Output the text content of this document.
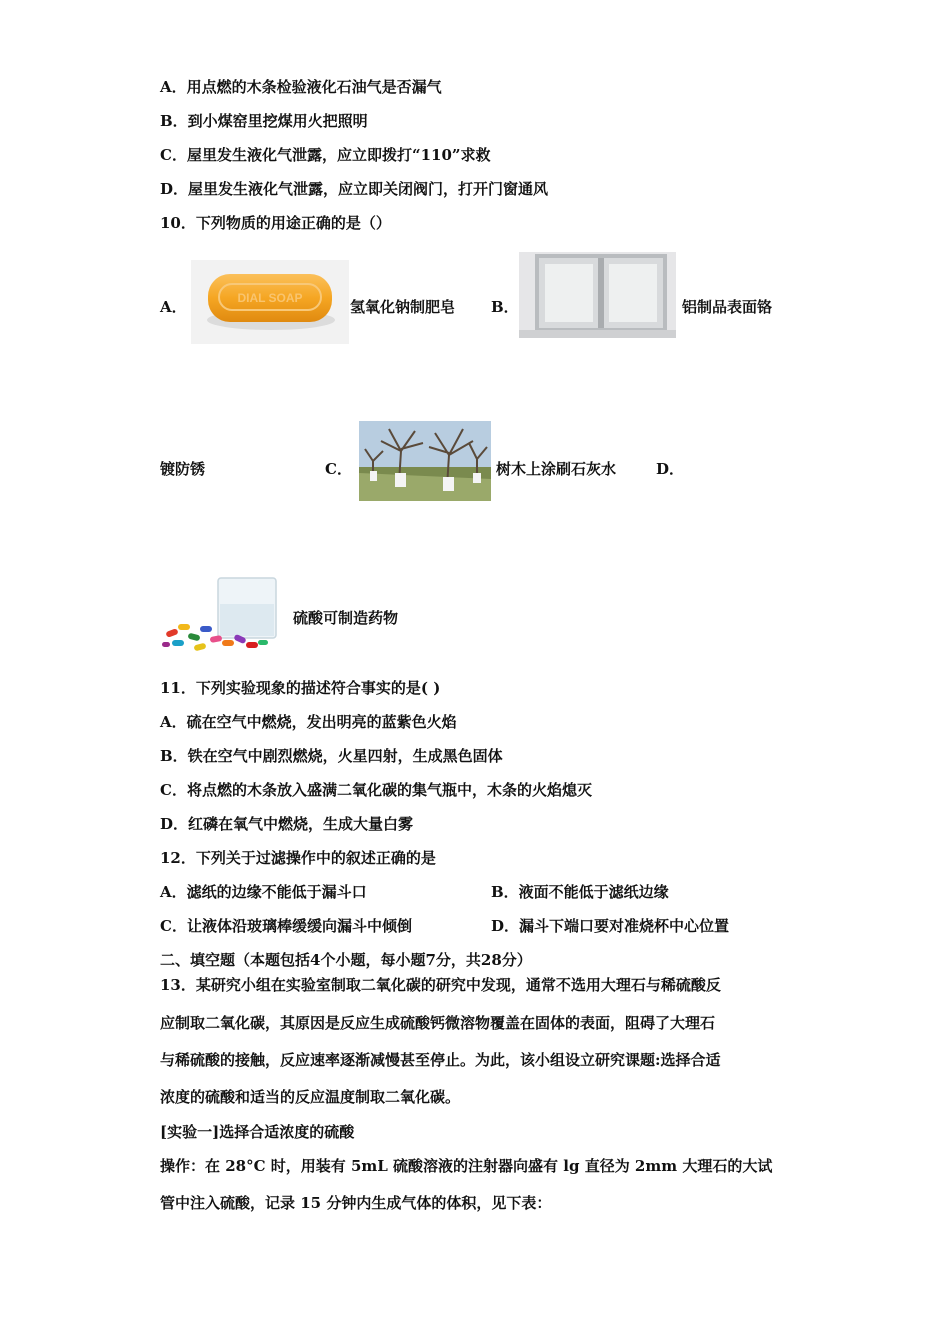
A．用点燃的木条检验液化石油气是否漏气
B．到小煤窑里挖煤用火把照明
C．屋里发生液化气泄露，应立即拨打“110”求救
D．屋里发生液化气泄露，应立即关闭阀门，打开门窗通风
10．下列物质的用途正确的是（）
A．	DIAL SOAP	氢氧化钠制肥皂 B．	铝制品表面铬
镀防锈	C．	树木上涂刷石灰水	D．
硫酸可制造药物
11．下列实验现象的描述符合事实的是( )
A．硫在空气中燃烧，发出明亮的蓝紫色火焰
B．铁在空气中剧烈燃烧，火星四射，生成黑色固体
C．将点燃的木条放入盛满二氧化碳的集气瓶中，木条的火焰熄灭
D．红磷在氧气中燃烧，生成大量白雾
12．下列关于过滤操作中的叙述正确的是
A．滤纸的边缘不能低于漏斗口	B．液面不能低于滤纸边缘
C．让液体沿玻璃棒缓缓向漏斗中倾倒	D．漏斗下端口要对准烧杯中心位置
二、填空题（本题包括4个小题，每小题7分，共28分）
13．某研究小组在实验室制取二氧化碳的研究中发现，通常不选用大理石与稀硫酸反
应制取二氧化碳，其原因是反应生成硫酸钙微溶物覆盖在固体的表面，阻碍了大理石
与稀硫酸的接触，反应速率逐渐减慢甚至停止。为此，该小组设立研究课题:选择合适
浓度的硫酸和适当的反应温度制取二氧化碳。
[实验一]选择合适浓度的硫酸
操作：在 28°C 时，用装有 5mL 硫酸溶液的注射器向盛有 lg 直径为 2mm 大理石的大试
管中注入硫酸，记录 15 分钟内生成气体的体积，见下表：
